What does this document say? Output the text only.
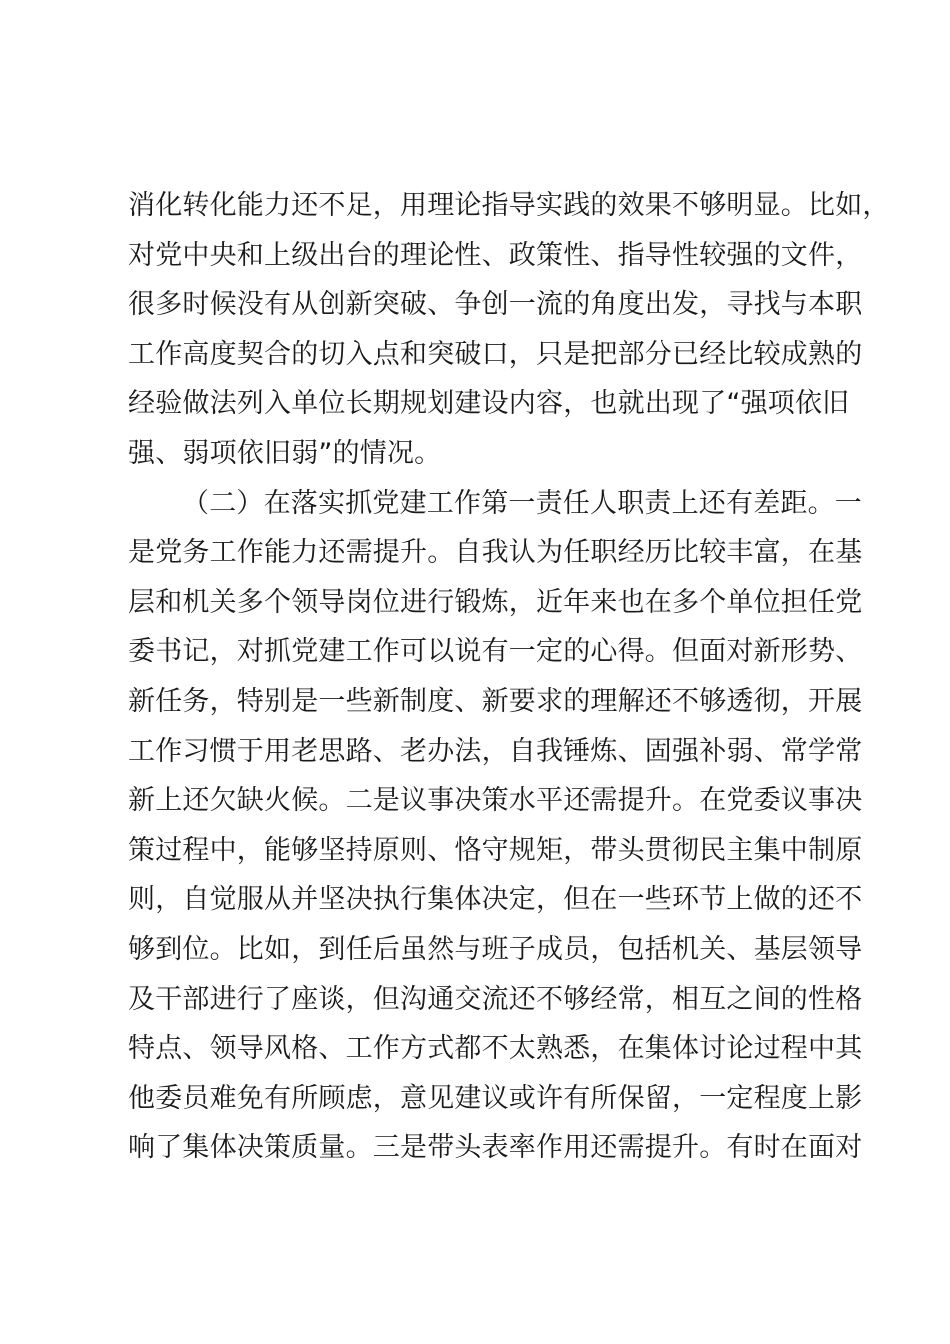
消化转化能力还不足，用理论指导实践的效果不够明显。比如，
对党中央和上级出台的理论性、政策性、指导性较强的文件，
很多时候没有从创新突破、争创一流的角度出发，寻找与本职
工作高度契合的切入点和突破口，只是把部分已经比较成熟的
经验做法列入单位长期规划建设内容，也就出现了“强项依旧
强、弱项依旧弱”的情况。
（二）在落实抓党建工作第一责任人职责上还有差距。一
是党务工作能力还需提升。自我认为任职经历比较丰富，在基
层和机关多个领导岗位进行锻炼，近年来也在多个单位担任党
委书记，对抓党建工作可以说有一定的心得。但面对新形势、
新任务，特别是一些新制度、新要求的理解还不够透彻，开展
工作习惯于用老思路、老办法，自我锤炼、固强补弱、常学常
新上还欠缺火候。二是议事决策水平还需提升。在党委议事决
策过程中，能够坚持原则、恪守规矩，带头贯彻民主集中制原
则，自觉服从并坚决执行集体决定，但在一些环节上做的还不
够到位。比如，到任后虽然与班子成员，包括机关、基层领导
及干部进行了座谈，但沟通交流还不够经常，相互之间的性格
特点、领导风格、工作方式都不太熟悉，在集体讨论过程中其
他委员难免有所顾虑，意见建议或许有所保留，一定程度上影
响了集体决策质量。三是带头表率作用还需提升。有时在面对
